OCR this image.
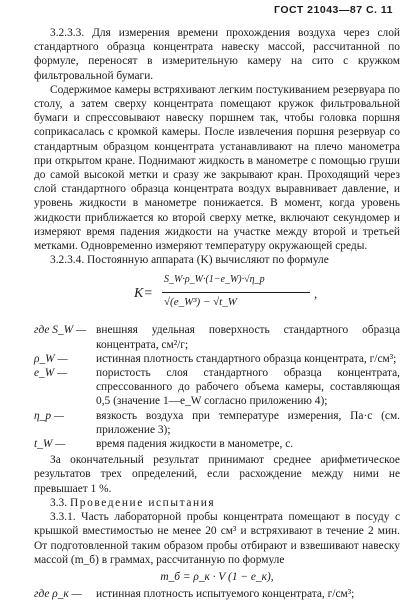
ГОСТ 21043—87 С. 11

3.2.3.3. Для измерения времени прохождения воздуха через слой стандартного образца концентрата навеску массой, рассчитанной по формуле, переносят в измерительную камеру на сито с кружком фильтровальной бумаги.

Содержимое камеры встряхивают легким постукиванием резервуара по столу, а затем сверху концентрата помещают кружок фильтровальной бумаги и спрессовывают навеску поршнем так, чтобы головка поршня соприкасалась с кромкой камеры. После извлечения поршня резервуар со стандартным образцом концентрата устанавливают на плечо манометра при открытом кране. Поднимают жидкость в манометре с помощью груши до самой высокой метки и сразу же закрывают кран. Проходящий через слой стандартного образца концентрата воздух выравнивает давление, и уровень жидкости в манометре понижается. В момент, когда уровень жидкости приближается ко второй сверху метке, включают секундомер и измеряют время падения жидкости на участке между второй и третьей метками. Одновременно измеряют температуру окружающей среды.

3.2.3.4. Постоянную аппарата (K) вычисляют по формуле

K=
S_W·ρ_W·(1−e_W)·√η_р
√(e_W³) − √t_W
,

где S_W — внешняя удельная поверхность стандартного образца концентрата, см²/г;

ρ_W —	истинная плотность стандартного образца концентрата, г/см³;

e_W —	пористость слоя стандартного образца концентрата, спрессованного до рабочего объема камеры, составляющая 0,5 (значение 1—e_W согласно приложению 4);

η_р —	вязкость воздуха при температуре измерения, Па·с (см. приложение 3);

t_W —	время падения жидкости в манометре, с.

За окончательный результат принимают среднее арифметическое результатов трех определений, если расхождение между ними не превышает 1 %.

3.3. Проведение испытания

3.3.1. Часть лабораторной пробы концентрата помещают в посуду с крышкой вместимостью не менее 20 см³ и встряхивают в течение 2 мин. От подготовленной таким образом пробы отбирают и взвешивают навеску массой (m_б) в граммах, рассчитанную по формуле

m_б = ρ_к · V (1 − e_к),

где ρ_к — истинная плотность испытуемого концентрата, г/см³;
